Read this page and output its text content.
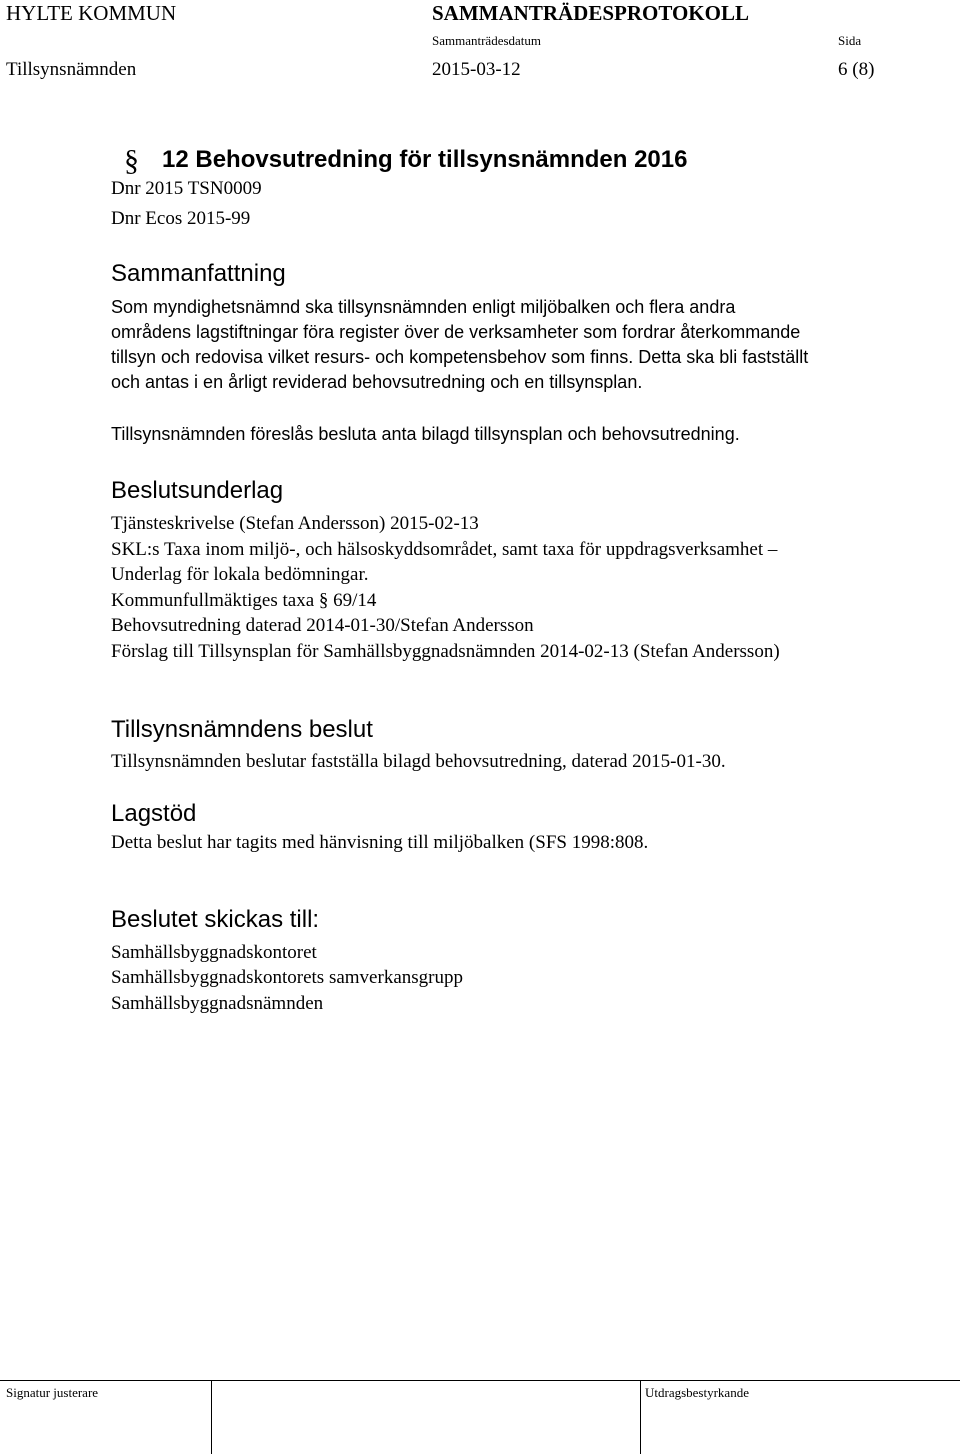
HYLTE KOMMUN	SAMMANTRÄDESPROTOKOLL
Sammanträdesdatum	Sida
Tillsynsnämnden	2015-03-12	6 (8)
§ 12 Behovsutredning för tillsynsnämnden 2016
Dnr 2015 TSN0009
Dnr Ecos 2015-99
Sammanfattning
Som myndighetsnämnd ska tillsynsnämnden enligt miljöbalken och flera andra
områdens lagstiftningar föra register över de verksamheter som fordrar återkommande
tillsyn och redovisa vilket resurs- och kompetensbehov som finns. Detta ska bli fastställt
och antas i en årligt reviderad behovsutredning och en tillsynsplan.
Tillsynsnämnden föreslås besluta anta bilagd tillsynsplan och behovsutredning.
Beslutsunderlag
Tjänsteskrivelse (Stefan Andersson) 2015-02-13
SKL:s Taxa inom miljö-, och hälsoskyddsområdet, samt taxa för uppdragsverksamhet –
Underlag för lokala bedömningar.
Kommunfullmäktiges taxa § 69/14
Behovsutredning daterad 2014-01-30/Stefan Andersson
Förslag till Tillsynsplan för Samhällsbyggnadsnämnden 2014-02-13 (Stefan Andersson)
Tillsynsnämndens beslut
Tillsynsnämnden beslutar fastställa bilagd behovsutredning, daterad 2015-01-30.
Lagstöd
Detta beslut har tagits med hänvisning till miljöbalken (SFS 1998:808.
Beslutet skickas till:
Samhällsbyggnadskontoret
Samhällsbyggnadskontorets samverkansgrupp
Samhällsbyggnadsnämnden
Signatur justerare	Utdragsbestyrkande
